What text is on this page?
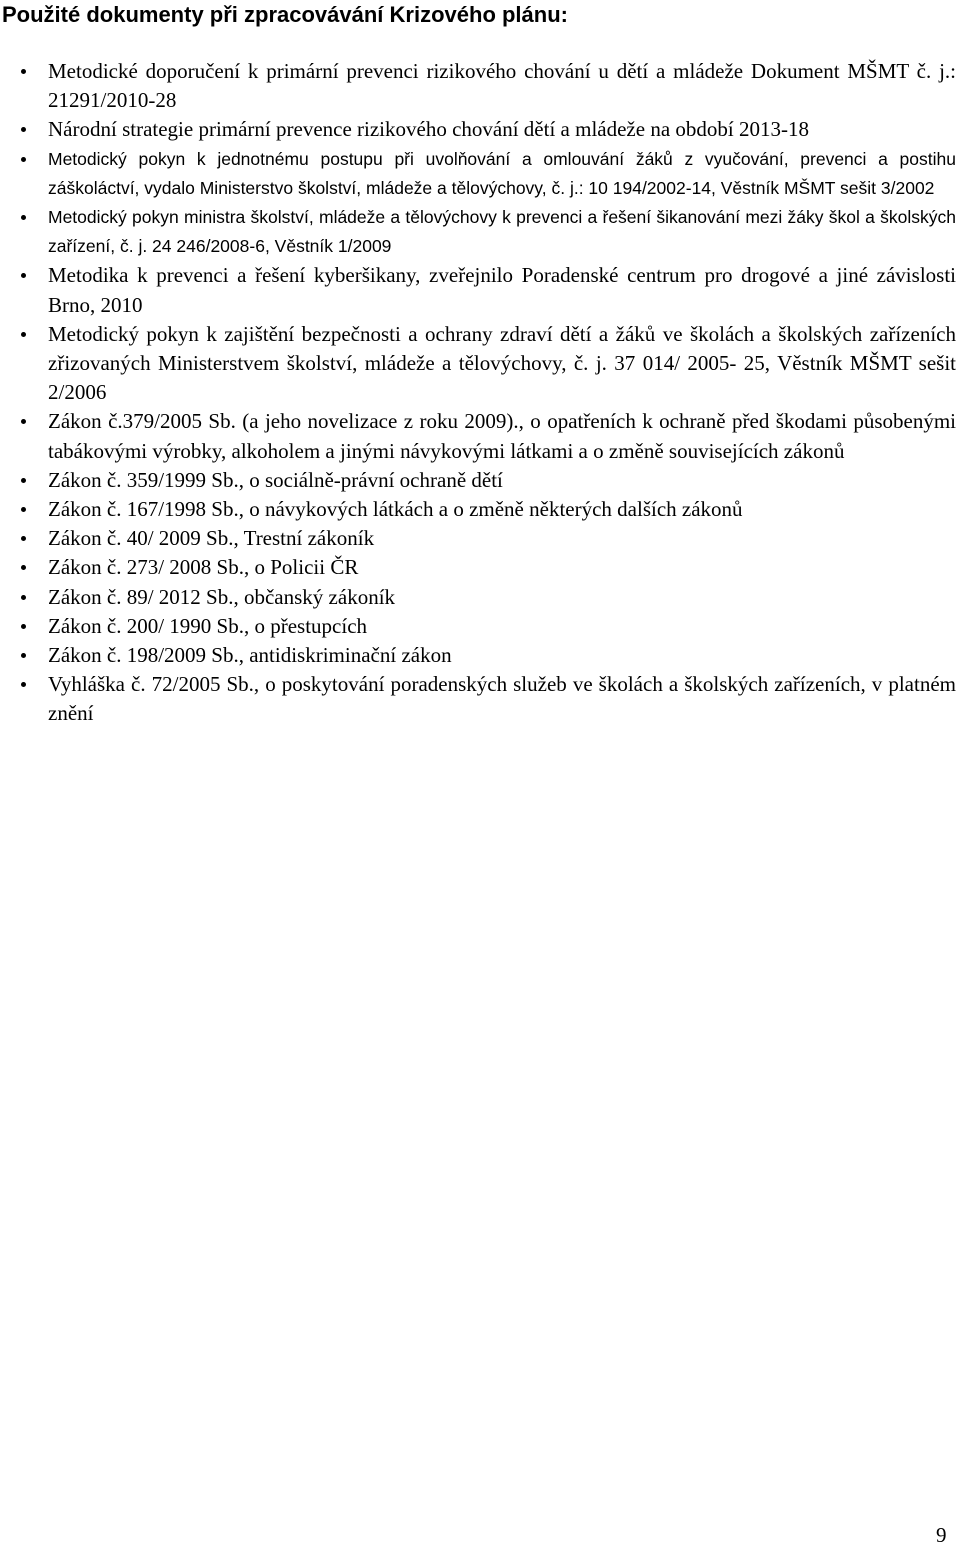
Použité dokumenty při zpracovávání Krizového plánu:
Metodické doporučení k primární prevenci rizikového chování u dětí a mládeže Dokument MŠMT č. j.: 21291/2010-28
Národní strategie primární prevence rizikového chování dětí a mládeže na období 2013-18
Metodický pokyn k jednotnému postupu při uvolňování a omlouvání žáků z vyučování, prevenci a postihu záškoláctví, vydalo Ministerstvo školství, mládeže a tělovýchovy, č. j.: 10 194/2002-14, Věstník MŠMT sešit 3/2002
Metodický pokyn ministra školství, mládeže a tělovýchovy k prevenci a řešení šikanování mezi žáky škol a školských zařízení, č. j. 24 246/2008-6, Věstník 1/2009
Metodika k prevenci a řešení kyberšikany, zveřejnilo Poradenské centrum pro drogové a jiné závislosti Brno, 2010
Metodický pokyn k zajištění bezpečnosti a ochrany zdraví dětí a žáků ve školách a školských zařízeních zřizovaných Ministerstvem školství, mládeže a tělovýchovy, č. j. 37 014/ 2005- 25, Věstník MŠMT sešit 2/2006
Zákon č.379/2005 Sb. (a jeho novelizace z roku 2009)., o opatřeních k ochraně před škodami působenými tabákovými výrobky, alkoholem a jinými návykovými látkami a o změně souvisejících zákonů
Zákon č. 359/1999 Sb., o sociálně-právní ochraně dětí
Zákon č. 167/1998 Sb., o návykových látkách a o změně některých dalších zákonů
Zákon č. 40/ 2009 Sb., Trestní zákoník
Zákon č. 273/ 2008 Sb., o Policii ČR
Zákon č. 89/ 2012 Sb., občanský zákoník
Zákon č. 200/ 1990 Sb., o přestupcích
Zákon č. 198/2009 Sb., antidiskriminační zákon
Vyhláška č. 72/2005 Sb., o poskytování poradenských služeb ve školách a školských zařízeních, v platném znění
9
